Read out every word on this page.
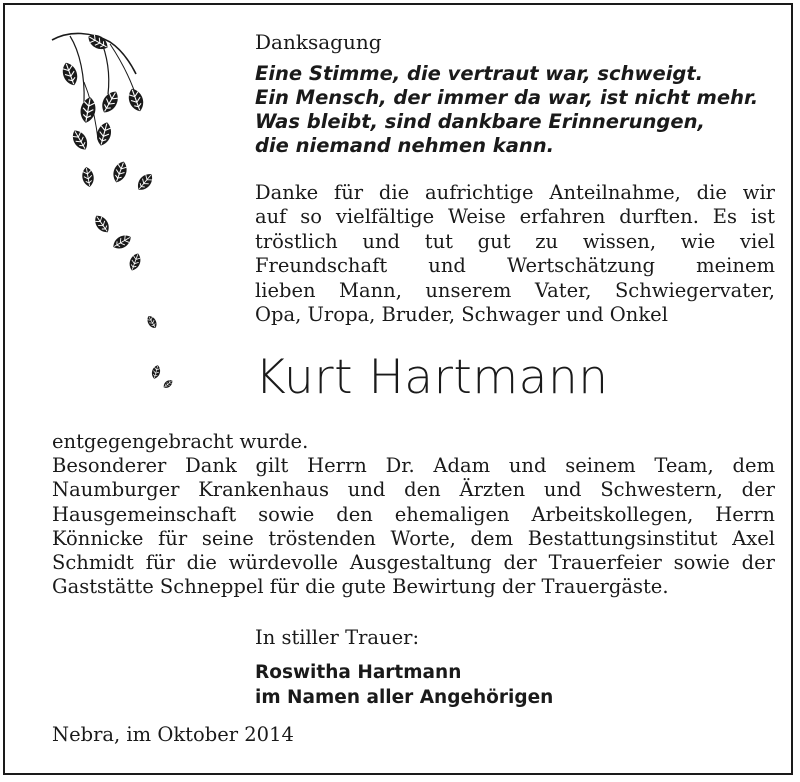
Danksagung
Eine Stimme, die vertraut war, schweigt.
Ein Mensch, der immer da war, ist nicht mehr.
Was bleibt, sind dankbare Erinnerungen,
die niemand nehmen kann.
Danke für die aufrichtige Anteilnahme, die wir
auf so vielfältige Weise erfahren durften. Es ist
tröstlich und tut gut zu wissen, wie viel
Freundschaft und Wertschätzung meinem
lieben Mann, unserem Vater, Schwiegervater,
Opa, Uropa, Bruder, Schwager und Onkel
Kurt Hartmann
entgegengebracht wurde.
Besonderer Dank gilt Herrn Dr. Adam und seinem Team, dem
Naumburger Krankenhaus und den Ärzten und Schwestern, der
Hausgemeinschaft sowie den ehemaligen Arbeitskollegen, Herrn
Könnicke für seine tröstenden Worte, dem Bestattungsinstitut Axel
Schmidt für die würdevolle Ausgestaltung der Trauerfeier sowie der
Gaststätte Schneppel für die gute Bewirtung der Trauergäste.
In stiller Trauer:
Roswitha Hartmann
im Namen aller Angehörigen
Nebra, im Oktober 2014
